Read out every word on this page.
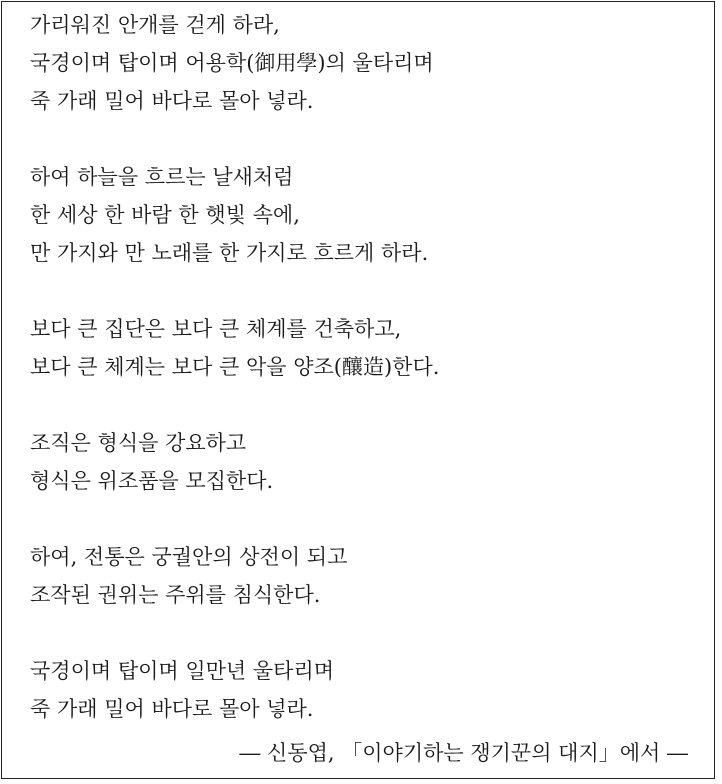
가리워진 안개를 걷게 하라,
국경이며 탑이며 어용학(御用學)의 울타리며
죽 가래 밀어 바다로 몰아 넣라.
하여 하늘을 흐르는 날새처럼
한 세상 한 바람 한 햇빛 속에,
만 가지와 만 노래를 한 가지로 흐르게 하라.
보다 큰 집단은 보다 큰 체계를 건축하고,
보다 큰 체계는 보다 큰 악을 양조(釀造)한다.
조직은 형식을 강요하고
형식은 위조품을 모집한다.
하여, 전통은 궁궐안의 상전이 되고
조작된 권위는 주위를 침식한다.
국경이며 탑이며 일만년 울타리며
죽 가래 밀어 바다로 몰아 넣라.
― 신동엽, 「이야기하는 쟁기꾼의 대지」에서 ―
